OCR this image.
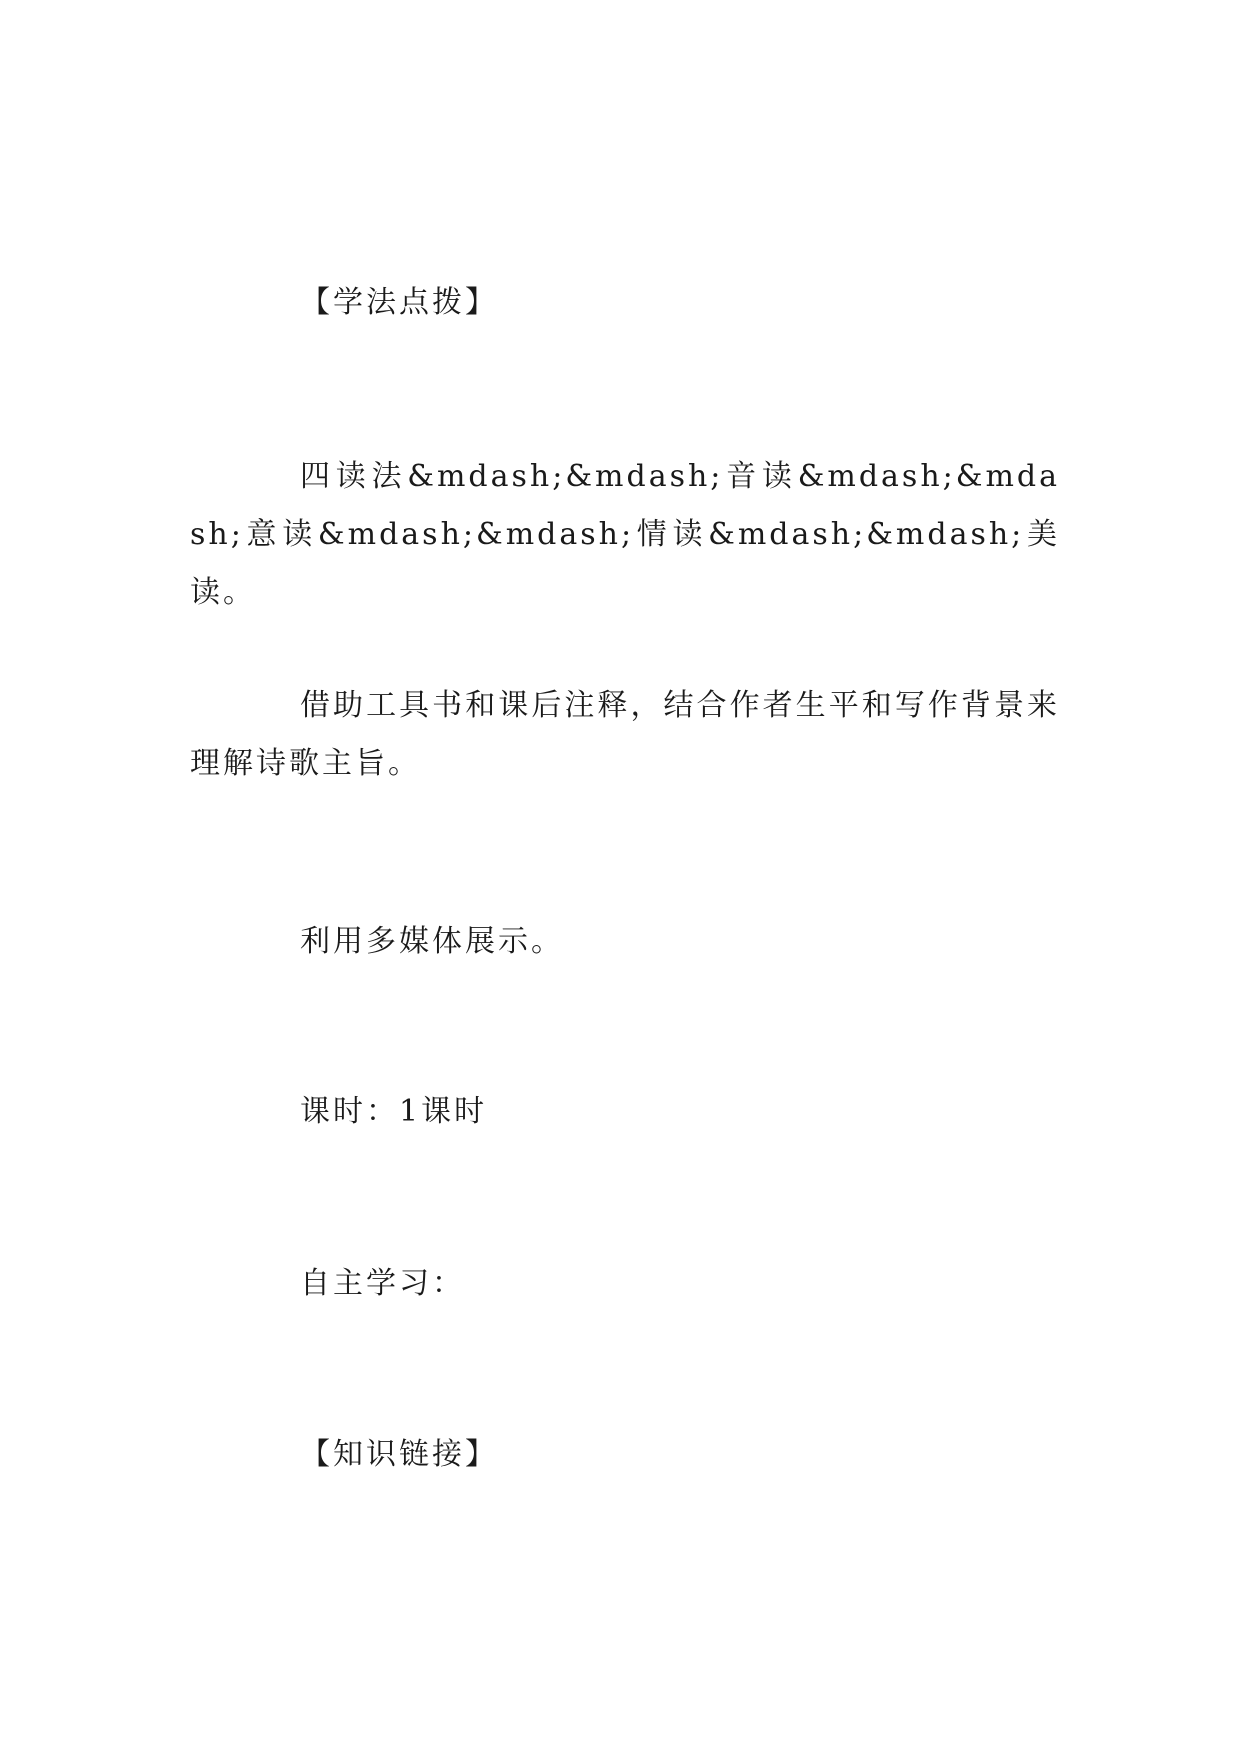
【学法点拨】
四读法&mdash;&mdash;音读&mdash;&mdash;意读&mdash;&mdash;情读&mdash;&mdash;美读。
借助工具书和课后注释，结合作者生平和写作背景来理解诗歌主旨。
利用多媒体展示。
课时：1课时
自主学习：
【知识链接】
